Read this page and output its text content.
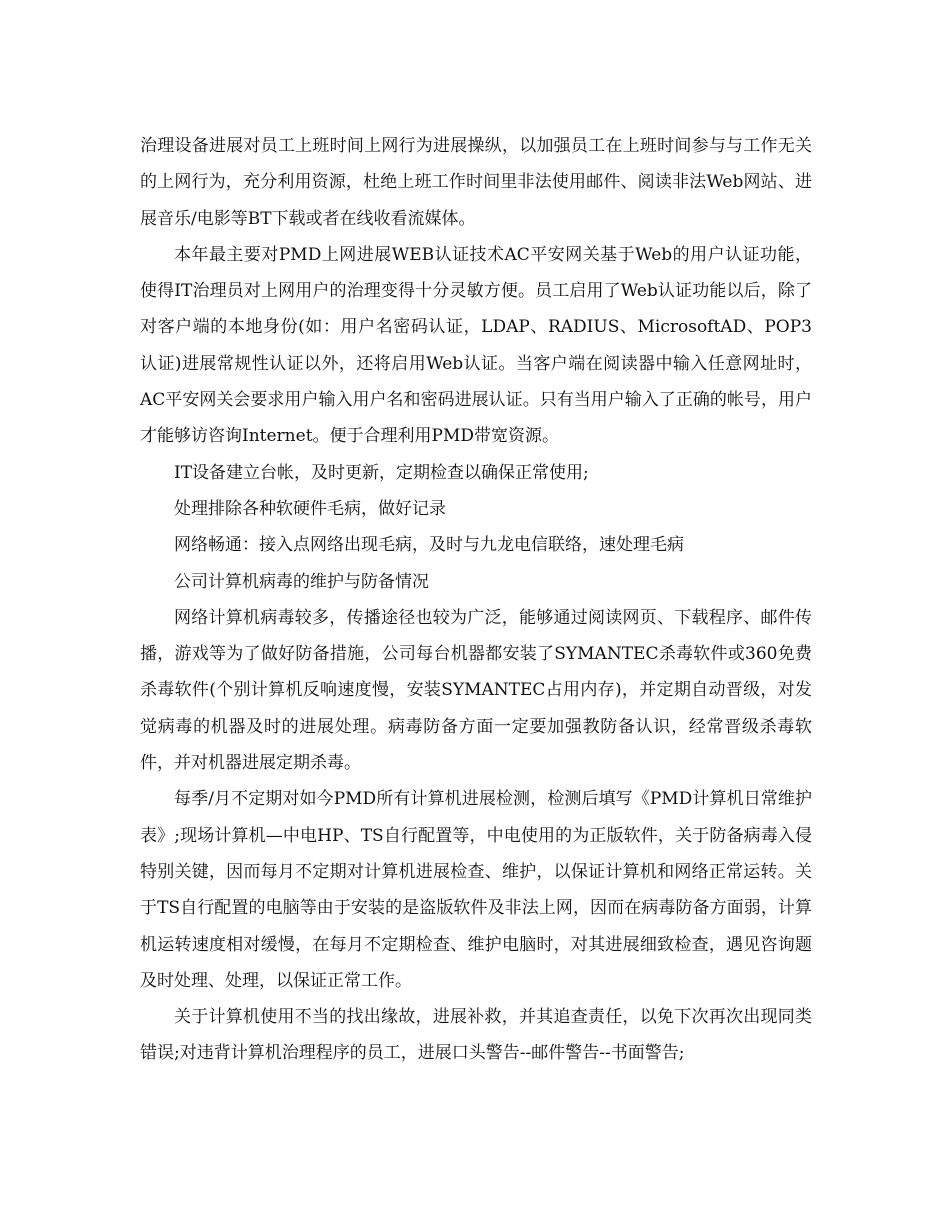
治理设备进展对员工上班时间上网行为进展操纵，以加强员工在上班时间参与与工作无关的上网行为，充分利用资源，杜绝上班工作时间里非法使用邮件、阅读非法Web网站、进展音乐/电影等BT下载或者在线收看流媒体。

本年最主要对PMD上网进展WEB认证技术AC平安网关基于Web的用户认证功能，使得IT治理员对上网用户的治理变得十分灵敏方便。员工启用了Web认证功能以后，除了对客户端的本地身份(如：用户名密码认证，LDAP、RADIUS、MicrosoftAD、POP3认证)进展常规性认证以外，还将启用Web认证。当客户端在阅读器中输入任意网址时，AC平安网关会要求用户输入用户名和密码进展认证。只有当用户输入了正确的帐号，用户才能够访咨询Internet。便于合理利用PMD带宽资源。

IT设备建立台帐，及时更新，定期检查以确保正常使用;

处理排除各种软硬件毛病，做好记录

网络畅通：接入点网络出现毛病，及时与九龙电信联络，速处理毛病

公司计算机病毒的维护与防备情况

网络计算机病毒较多，传播途径也较为广泛，能够通过阅读网页、下载程序、邮件传播，游戏等为了做好防备措施，公司每台机器都安装了SYMANTEC杀毒软件或360免费杀毒软件(个别计算机反响速度慢，安装SYMANTEC占用内存)，并定期自动晋级，对发觉病毒的机器及时的进展处理。病毒防备方面一定要加强教防备认识，经常晋级杀毒软件，并对机器进展定期杀毒。

每季/月不定期对如今PMD所有计算机进展检测，检测后填写《PMD计算机日常维护表》;现场计算机—中电HP、TS自行配置等，中电使用的为正版软件，关于防备病毒入侵特别关键，因而每月不定期对计算机进展检查、维护，以保证计算机和网络正常运转。关于TS自行配置的电脑等由于安装的是盗版软件及非法上网，因而在病毒防备方面弱，计算机运转速度相对缓慢，在每月不定期检查、维护电脑时，对其进展细致检查，遇见咨询题及时处理、处理，以保证正常工作。

关于计算机使用不当的找出缘故，进展补救，并其追查责任，以免下次再次出现同类错误;对违背计算机治理程序的员工，进展口头警告--邮件警告--书面警告;
